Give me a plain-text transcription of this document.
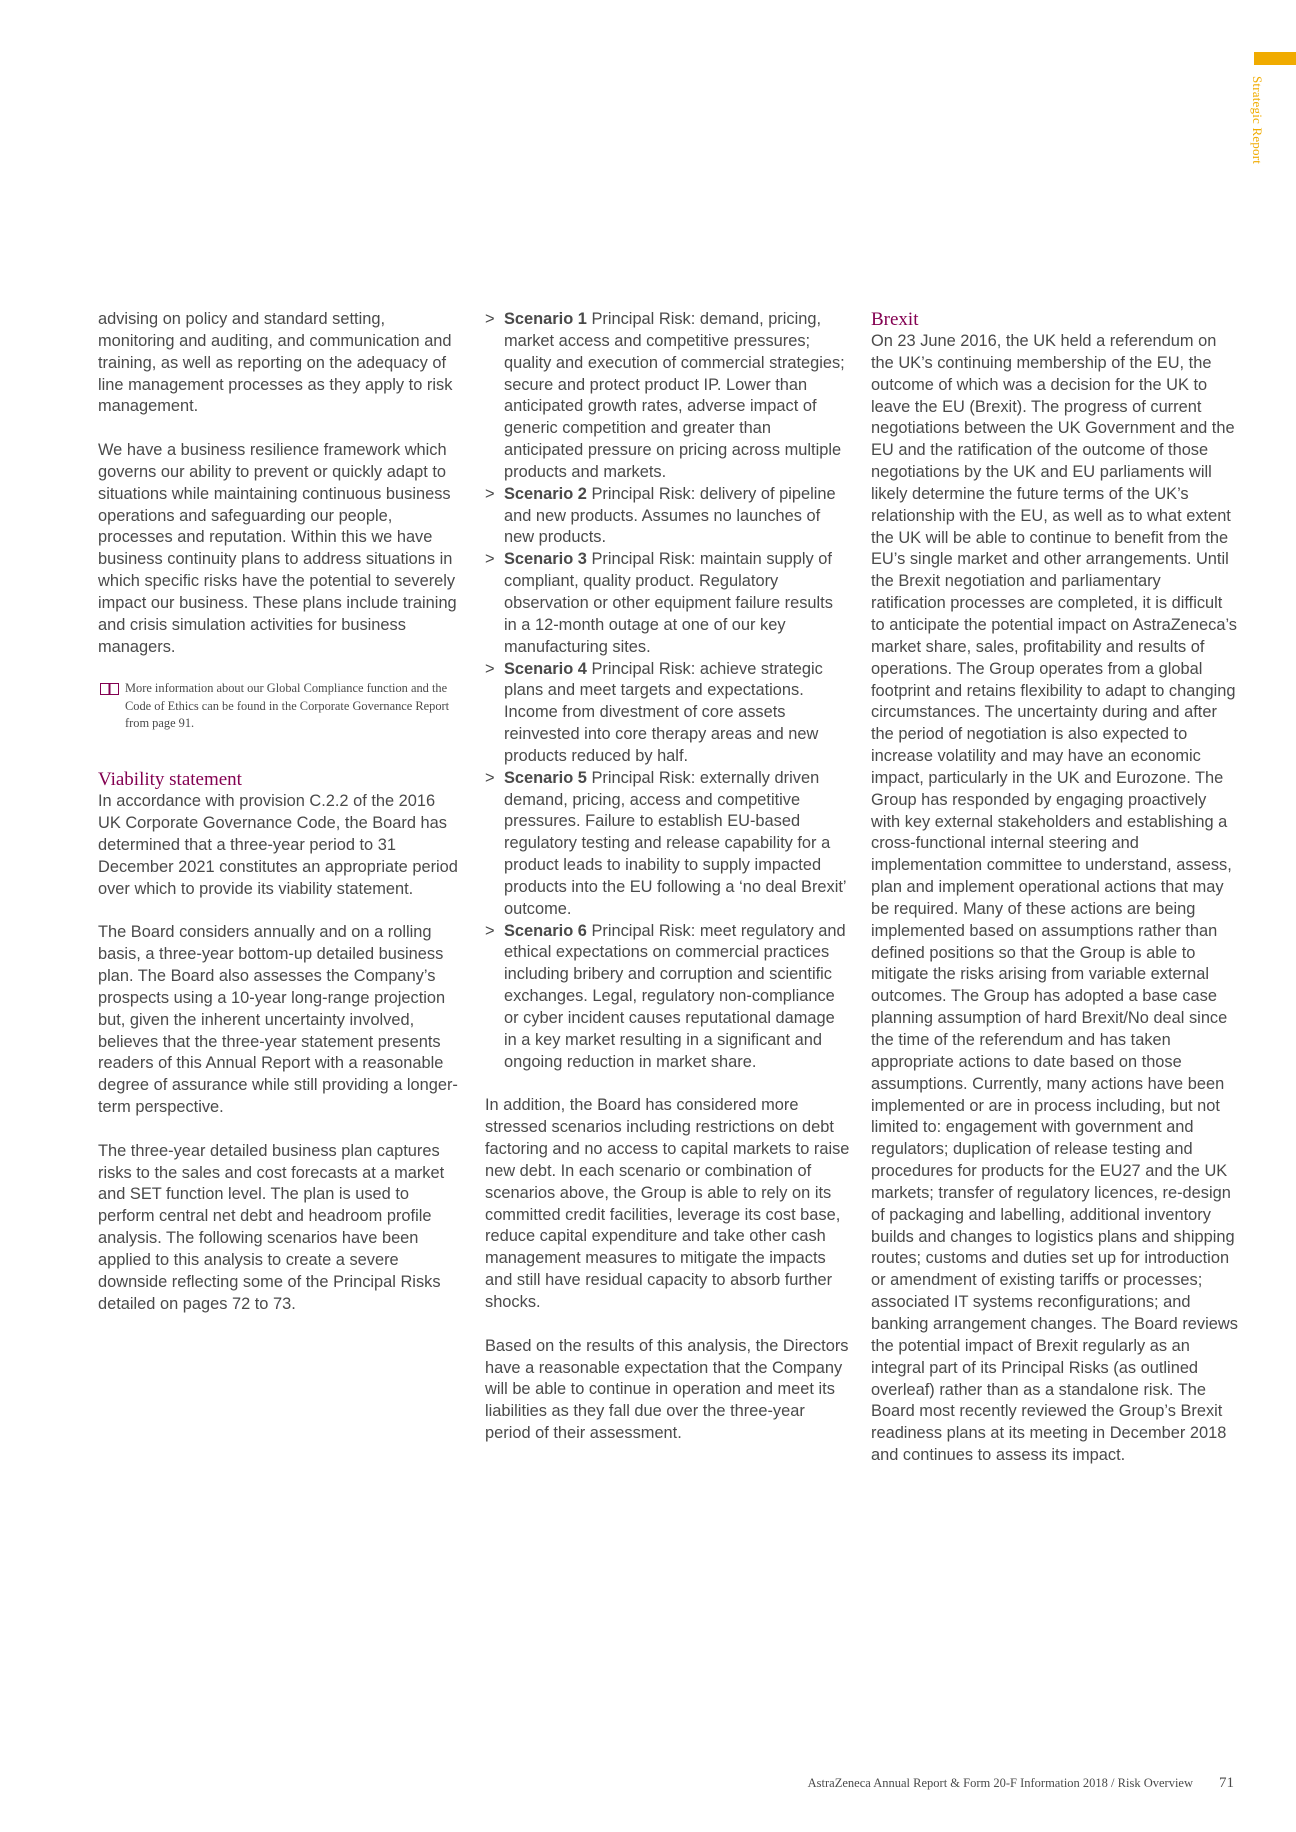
Strategic Report

advising on policy and standard setting, monitoring and auditing, and communication and training, as well as reporting on the adequacy of line management processes as they apply to risk management.

We have a business resilience framework which governs our ability to prevent or quickly adapt to situations while maintaining continuous business operations and safeguarding our people, processes and reputation. Within this we have business continuity plans to address situations in which specific risks have the potential to severely impact our business. These plans include training and crisis simulation activities for business managers.

More information about our Global Compliance function and the Code of Ethics can be found in the Corporate Governance Report from page 91.
Viability statement

In accordance with provision C.2.2 of the 2016 UK Corporate Governance Code, the Board has determined that a three-year period to 31 December 2021 constitutes an appropriate period over which to provide its viability statement.

The Board considers annually and on a rolling basis, a three-year bottom-up detailed business plan. The Board also assesses the Company’s prospects using a 10-year long-range projection but, given the inherent uncertainty involved, believes that the three-year statement presents readers of this Annual Report with a reasonable degree of assurance while still providing a longer-term perspective.

The three-year detailed business plan captures risks to the sales and cost forecasts at a market and SET function level. The plan is used to perform central net debt and headroom profile analysis. The following scenarios have been applied to this analysis to create a severe downside reflecting some of the Principal Risks detailed on pages 72 to 73.

> Scenario 1 Principal Risk: demand, pricing, market access and competitive pressures; quality and execution of commercial strategies; secure and protect product IP. Lower than anticipated growth rates, adverse impact of generic competition and greater than anticipated pressure on pricing across multiple products and markets.
> Scenario 2 Principal Risk: delivery of pipeline and new products. Assumes no launches of new products.
> Scenario 3 Principal Risk: maintain supply of compliant, quality product. Regulatory observation or other equipment failure results in a 12-month outage at one of our key manufacturing sites.
> Scenario 4 Principal Risk: achieve strategic plans and meet targets and expectations. Income from divestment of core assets reinvested into core therapy areas and new products reduced by half.
> Scenario 5 Principal Risk: externally driven demand, pricing, access and competitive pressures. Failure to establish EU-based regulatory testing and release capability for a product leads to inability to supply impacted products into the EU following a ‘no deal Brexit’ outcome.
> Scenario 6 Principal Risk: meet regulatory and ethical expectations on commercial practices including bribery and corruption and scientific exchanges. Legal, regulatory non-compliance or cyber incident causes reputational damage in a key market resulting in a significant and ongoing reduction in market share.

In addition, the Board has considered more stressed scenarios including restrictions on debt factoring and no access to capital markets to raise new debt. In each scenario or combination of scenarios above, the Group is able to rely on its committed credit facilities, leverage its cost base, reduce capital expenditure and take other cash management measures to mitigate the impacts and still have residual capacity to absorb further shocks.

Based on the results of this analysis, the Directors have a reasonable expectation that the Company will be able to continue in operation and meet its liabilities as they fall due over the three-year period of their assessment.

Brexit

On 23 June 2016, the UK held a referendum on the UK’s continuing membership of the EU, the outcome of which was a decision for the UK to leave the EU (Brexit). The progress of current negotiations between the UK Government and the EU and the ratification of the outcome of those negotiations by the UK and EU parliaments will likely determine the future terms of the UK’s relationship with the EU, as well as to what extent the UK will be able to continue to benefit from the EU’s single market and other arrangements. Until the Brexit negotiation and parliamentary ratification processes are completed, it is difficult to anticipate the potential impact on AstraZeneca’s market share, sales, profitability and results of operations. The Group operates from a global footprint and retains flexibility to adapt to changing circumstances. The uncertainty during and after the period of negotiation is also expected to increase volatility and may have an economic impact, particularly in the UK and Eurozone. The Group has responded by engaging proactively with key external stakeholders and establishing a cross-functional internal steering and implementation committee to understand, assess, plan and implement operational actions that may be required. Many of these actions are being implemented based on assumptions rather than defined positions so that the Group is able to mitigate the risks arising from variable external outcomes. The Group has adopted a base case planning assumption of hard Brexit/No deal since the time of the referendum and has taken appropriate actions to date based on those assumptions. Currently, many actions have been implemented or are in process including, but not limited to: engagement with government and regulators; duplication of release testing and procedures for products for the EU27 and the UK markets; transfer of regulatory licences, re-design of packaging and labelling, additional inventory builds and changes to logistics plans and shipping routes; customs and duties set up for introduction or amendment of existing tariffs or processes; associated IT systems reconfigurations; and banking arrangement changes. The Board reviews the potential impact of Brexit regularly as an integral part of its Principal Risks (as outlined overleaf) rather than as a standalone risk. The Board most recently reviewed the Group’s Brexit readiness plans at its meeting in December 2018 and continues to assess its impact.

AstraZeneca Annual Report & Form 20-F Information 2018 / Risk Overview 71
